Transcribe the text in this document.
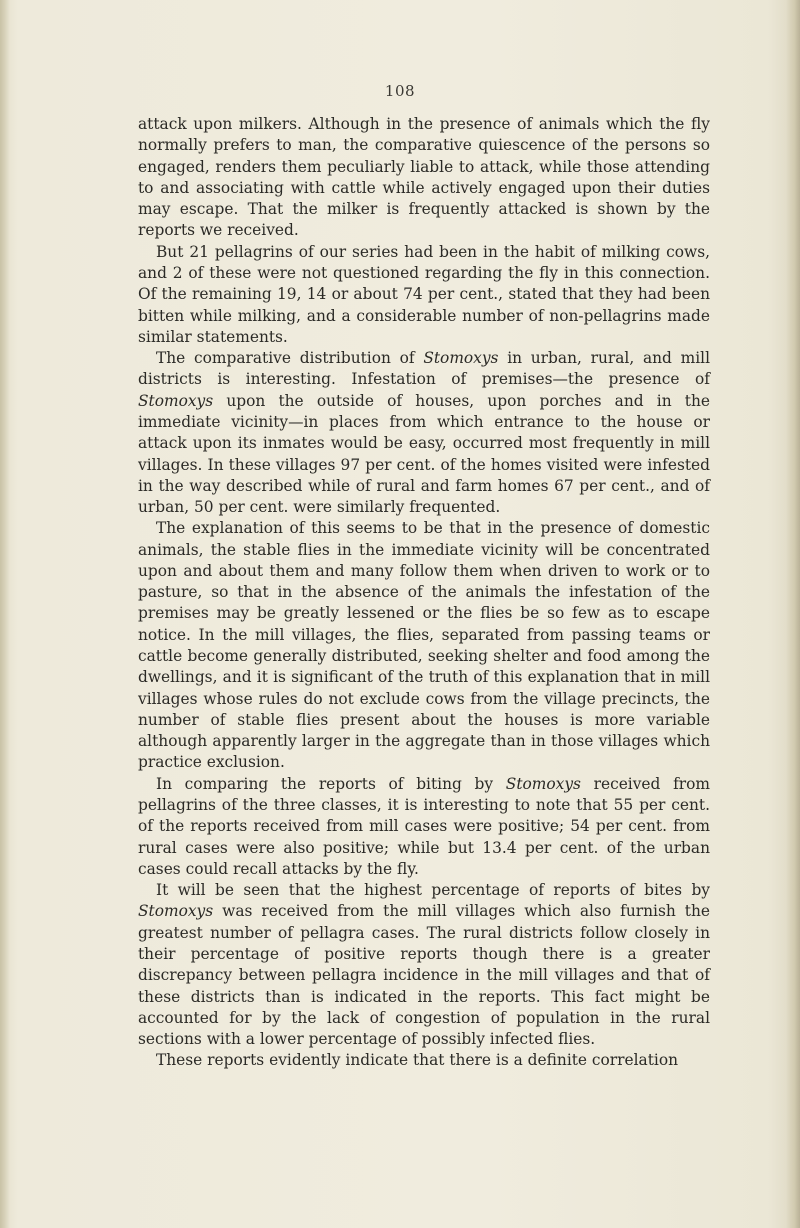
108

attack upon milkers. Although in the presence of animals which the fly normally prefers to man, the comparative quiescence of the persons so engaged, renders them peculiarly liable to attack, while those attending to and associating with cattle while actively engaged upon their duties may escape. That the milker is frequently attacked is shown by the reports we received.

But 21 pellagrins of our series had been in the habit of milking cows, and 2 of these were not questioned regarding the fly in this connection. Of the remaining 19, 14 or about 74 per cent., stated that they had been bitten while milking, and a considerable number of non-pellagrins made similar statements.

The comparative distribution of Stomoxys in urban, rural, and mill districts is interesting. Infestation of premises—the presence of Stomoxys upon the outside of houses, upon porches and in the immediate vicinity—in places from which entrance to the house or attack upon its inmates would be easy, occurred most frequently in mill villages. In these villages 97 per cent. of the homes visited were infested in the way described while of rural and farm homes 67 per cent., and of urban, 50 per cent. were similarly frequented.

The explanation of this seems to be that in the presence of domestic animals, the stable flies in the immediate vicinity will be concentrated upon and about them and many follow them when driven to work or to pasture, so that in the absence of the animals the infestation of the premises may be greatly lessened or the flies be so few as to escape notice. In the mill villages, the flies, separated from passing teams or cattle become generally distributed, seeking shelter and food among the dwellings, and it is significant of the truth of this explanation that in mill villages whose rules do not exclude cows from the village precincts, the number of stable flies present about the houses is more variable although apparently larger in the aggregate than in those villages which practice exclusion.

In comparing the reports of biting by Stomoxys received from pellagrins of the three classes, it is interesting to note that 55 per cent. of the reports received from mill cases were positive; 54 per cent. from rural cases were also positive; while but 13.4 per cent. of the urban cases could recall attacks by the fly.

It will be seen that the highest percentage of reports of bites by Stomoxys was received from the mill villages which also furnish the greatest number of pellagra cases. The rural districts follow closely in their percentage of positive reports though there is a greater discrepancy between pellagra incidence in the mill villages and that of these districts than is indicated in the reports. This fact might be accounted for by the lack of congestion of population in the rural sections with a lower percentage of possibly infected flies.

These reports evidently indicate that there is a definite correlation
